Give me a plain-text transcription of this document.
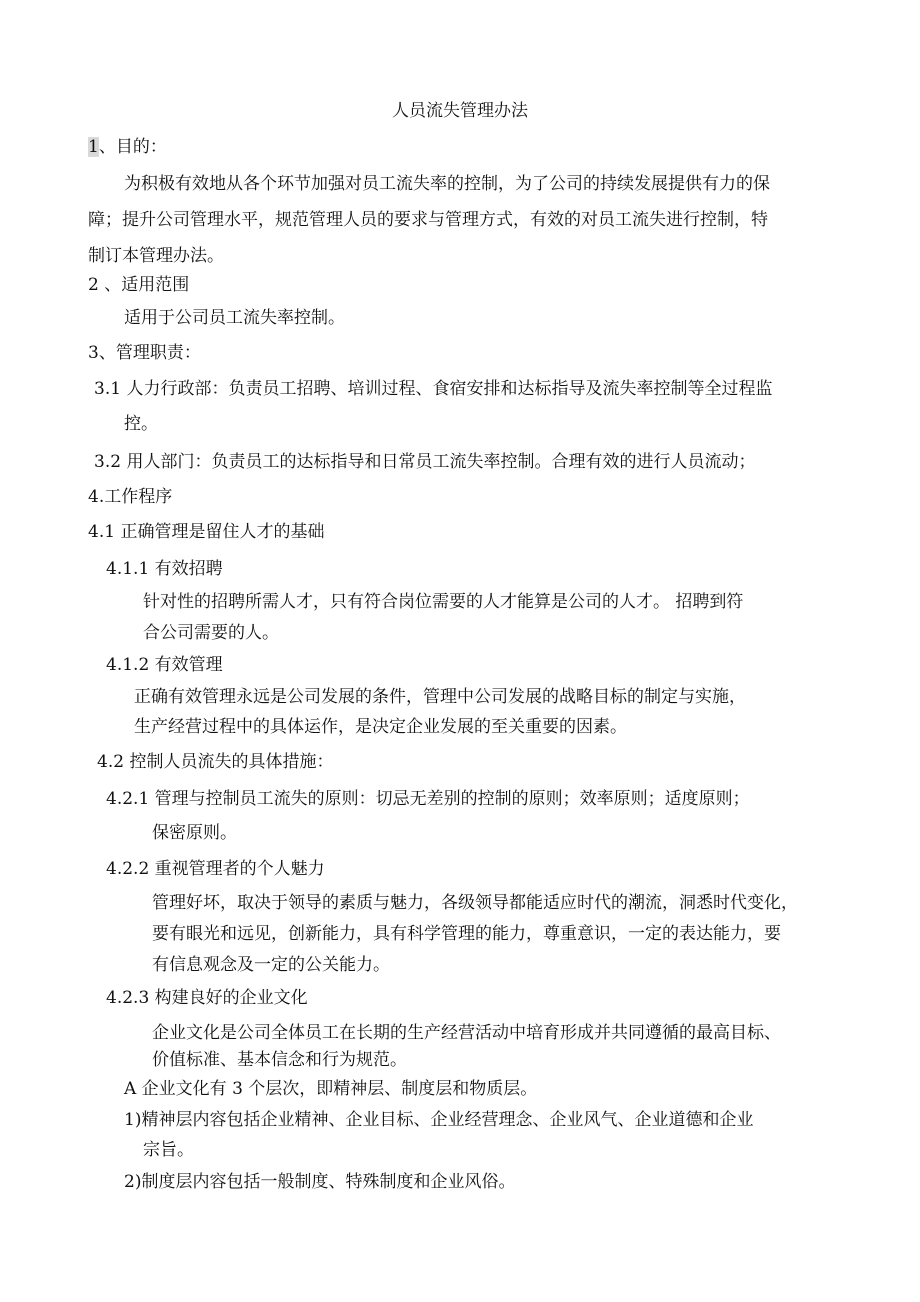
人员流失管理办法
1、目的：
为积极有效地从各个环节加强对员工流失率的控制，为了公司的持续发展提供有力的保
障；提升公司管理水平，规范管理人员的要求与管理方式，有效的对员工流失进行控制，特
制订本管理办法。
2 、适用范围
适用于公司员工流失率控制。
3、管理职责：
3.1 人力行政部：负责员工招聘、培训过程、食宿安排和达标指导及流失率控制等全过程监
控。
3.2 用人部门：负责员工的达标指导和日常员工流失率控制。合理有效的进行人员流动；
4.工作程序
4.1 正确管理是留住人才的基础
4.1.1 有效招聘
针对性的招聘所需人才，只有符合岗位需要的人才能算是公司的人才。 招聘到符
合公司需要的人。
4.1.2 有效管理
正确有效管理永远是公司发展的条件，管理中公司发展的战略目标的制定与实施，
生产经营过程中的具体运作，是决定企业发展的至关重要的因素。
4.2 控制人员流失的具体措施：
4.2.1 管理与控制员工流失的原则：切忌无差别的控制的原则；效率原则；适度原则；
保密原则。
4.2.2 重视管理者的个人魅力
管理好坏，取决于领导的素质与魅力，各级领导都能适应时代的潮流，洞悉时代变化，
要有眼光和远见，创新能力，具有科学管理的能力，尊重意识，一定的表达能力，要
有信息观念及一定的公关能力。
4.2.3 构建良好的企业文化
企业文化是公司全体员工在长期的生产经营活动中培育形成并共同遵循的最高目标、
价值标准、基本信念和行为规范。
A 企业文化有 3 个层次，即精神层、制度层和物质层。
1)精神层内容包括企业精神、企业目标、企业经营理念、企业风气、企业道德和企业
宗旨。
2)制度层内容包括一般制度、特殊制度和企业风俗。
